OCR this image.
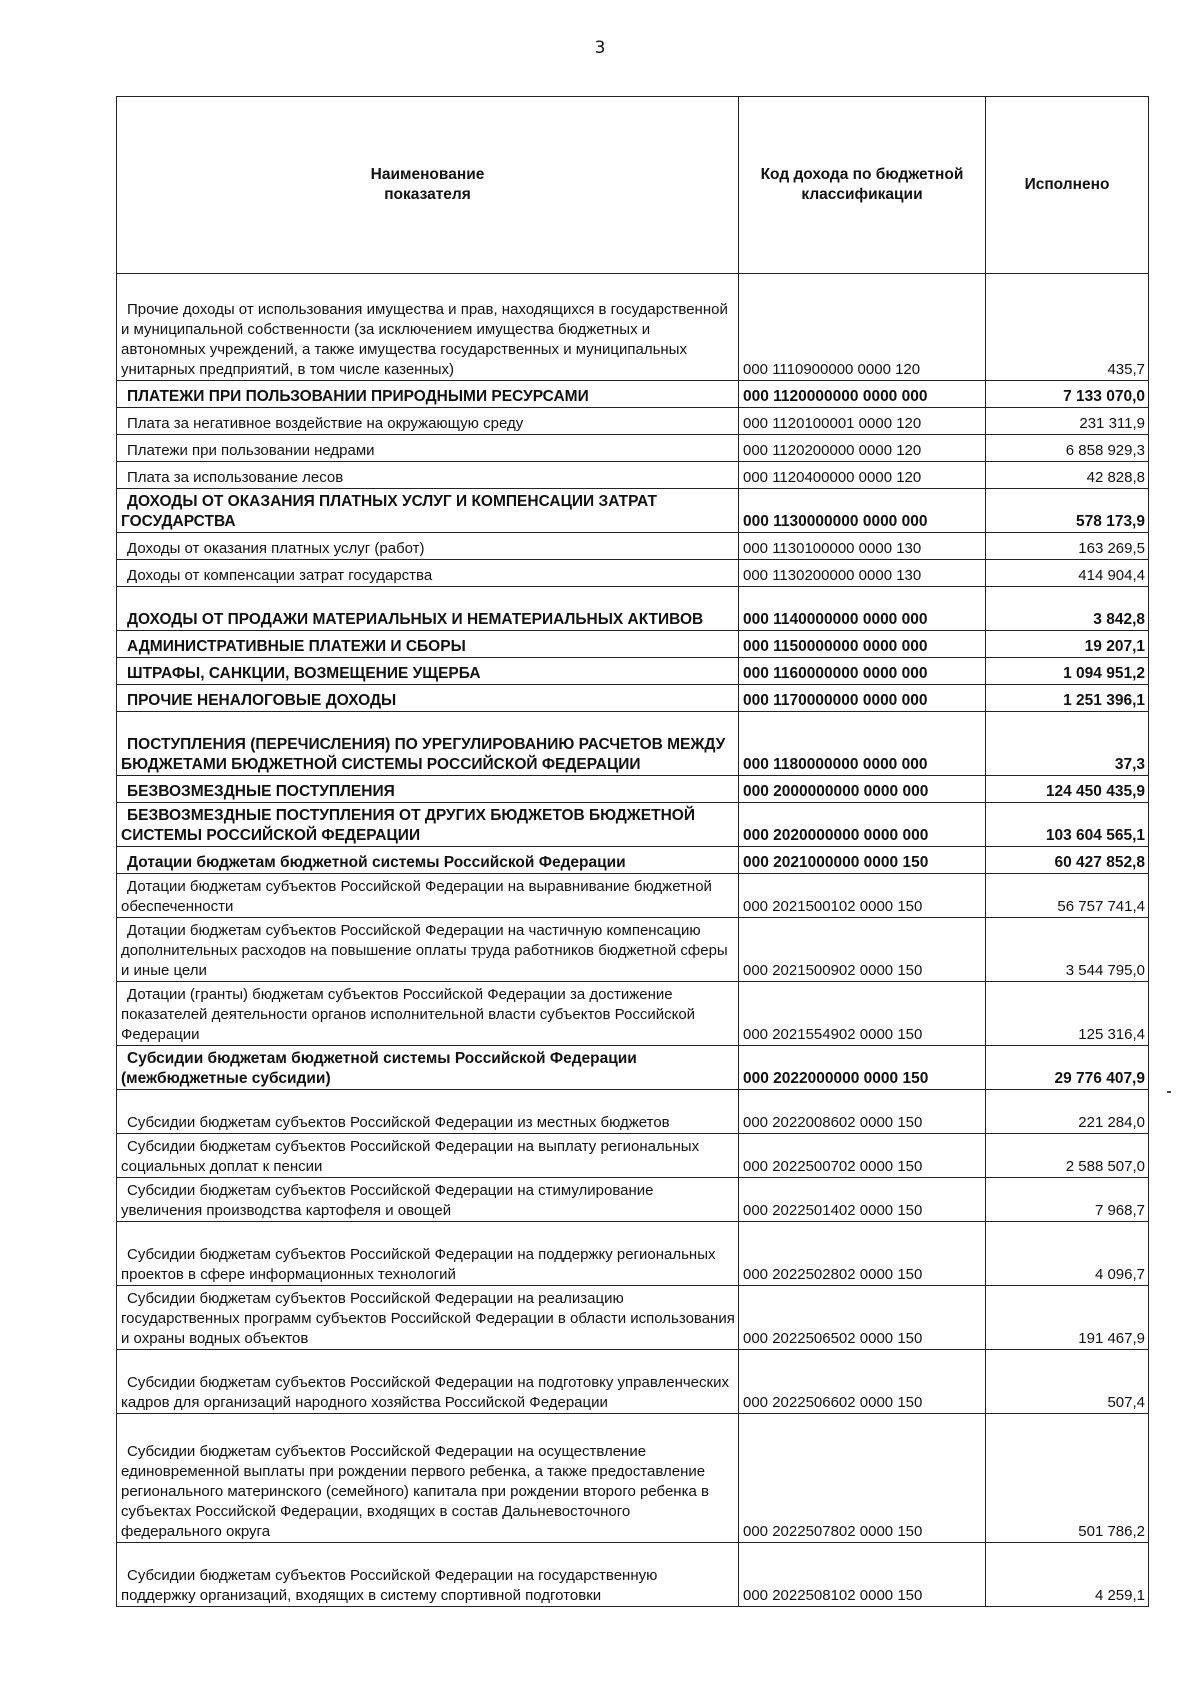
3
Наименование
показателя	Код дохода по бюджетной классификации	Исполнено
Прочие доходы от использования имущества и прав, находящихся в государственной и муниципальной собственности (за исключением имущества бюджетных и автономных учреждений, а также имущества государственных и муниципальных унитарных предприятий, в том числе казенных)	000 1110900000 0000 120	435,7
ПЛАТЕЖИ ПРИ ПОЛЬЗОВАНИИ ПРИРОДНЫМИ РЕСУРСАМИ	000 1120000000 0000 000	7 133 070,0
Плата за негативное воздействие на окружающую среду	000 1120100001 0000 120	231 311,9
Платежи при пользовании недрами	000 1120200000 0000 120	6 858 929,3
Плата за использование лесов	000 1120400000 0000 120	42 828,8
ДОХОДЫ ОТ ОКАЗАНИЯ ПЛАТНЫХ УСЛУГ И КОМПЕНСАЦИИ ЗАТРАТ ГОСУДАРСТВА	000 1130000000 0000 000	578 173,9
Доходы от оказания платных услуг (работ)	000 1130100000 0000 130	163 269,5
Доходы от компенсации затрат государства	000 1130200000 0000 130	414 904,4
ДОХОДЫ ОТ ПРОДАЖИ МАТЕРИАЛЬНЫХ И НЕМАТЕРИАЛЬНЫХ АКТИВОВ	000 1140000000 0000 000	3 842,8
АДМИНИСТРАТИВНЫЕ ПЛАТЕЖИ И СБОРЫ	000 1150000000 0000 000	19 207,1
ШТРАФЫ, САНКЦИИ, ВОЗМЕЩЕНИЕ УЩЕРБА	000 1160000000 0000 000	1 094 951,2
ПРОЧИЕ НЕНАЛОГОВЫЕ ДОХОДЫ	000 1170000000 0000 000	1 251 396,1
ПОСТУПЛЕНИЯ (ПЕРЕЧИСЛЕНИЯ) ПО УРЕГУЛИРОВАНИЮ РАСЧЕТОВ МЕЖДУ БЮДЖЕТАМИ БЮДЖЕТНОЙ СИСТЕМЫ РОССИЙСКОЙ ФЕДЕРАЦИИ	000 1180000000 0000 000	37,3
БЕЗВОЗМЕЗДНЫЕ ПОСТУПЛЕНИЯ	000 2000000000 0000 000	124 450 435,9
БЕЗВОЗМЕЗДНЫЕ ПОСТУПЛЕНИЯ ОТ ДРУГИХ БЮДЖЕТОВ БЮДЖЕТНОЙ СИСТЕМЫ РОССИЙСКОЙ ФЕДЕРАЦИИ	000 2020000000 0000 000	103 604 565,1
Дотации бюджетам бюджетной системы Российской Федерации	000 2021000000 0000 150	60 427 852,8
Дотации бюджетам субъектов Российской Федерации на выравнивание бюджетной обеспеченности	000 2021500102 0000 150	56 757 741,4
Дотации бюджетам субъектов Российской Федерации на частичную компенсацию дополнительных расходов на повышение оплаты труда работников бюджетной сферы и иные цели	000 2021500902 0000 150	3 544 795,0
Дотации (гранты) бюджетам субъектов Российской Федерации за достижение показателей деятельности органов исполнительной власти субъектов Российской Федерации	000 2021554902 0000 150	125 316,4
Субсидии бюджетам бюджетной системы Российской Федерации (межбюджетные субсидии)	000 2022000000 0000 150	29 776 407,9
Субсидии бюджетам субъектов Российской Федерации из местных бюджетов	000 2022008602 0000 150	221 284,0
Субсидии бюджетам субъектов Российской Федерации на выплату региональных социальных доплат к пенсии	000 2022500702 0000 150	2 588 507,0
Субсидии бюджетам субъектов Российской Федерации на стимулирование увеличения производства картофеля и овощей	000 2022501402 0000 150	7 968,7
Субсидии бюджетам субъектов Российской Федерации на поддержку региональных проектов в сфере информационных технологий	000 2022502802 0000 150	4 096,7
Субсидии бюджетам субъектов Российской Федерации на реализацию государственных программ субъектов Российской Федерации в области использования и охраны водных объектов	000 2022506502 0000 150	191 467,9
Субсидии бюджетам субъектов Российской Федерации на подготовку управленческих кадров для организаций народного хозяйства Российской Федерации	000 2022506602 0000 150	507,4
Субсидии бюджетам субъектов Российской Федерации на осуществление единовременной выплаты при рождении первого ребенка, а также предоставление регионального материнского (семейного) капитала при рождении второго ребенка в субъектах Российской Федерации, входящих в состав Дальневосточного федерального округа	000 2022507802 0000 150	501 786,2
Субсидии бюджетам субъектов Российской Федерации на государственную поддержку организаций, входящих в систему спортивной подготовки	000 2022508102 0000 150	4 259,1
